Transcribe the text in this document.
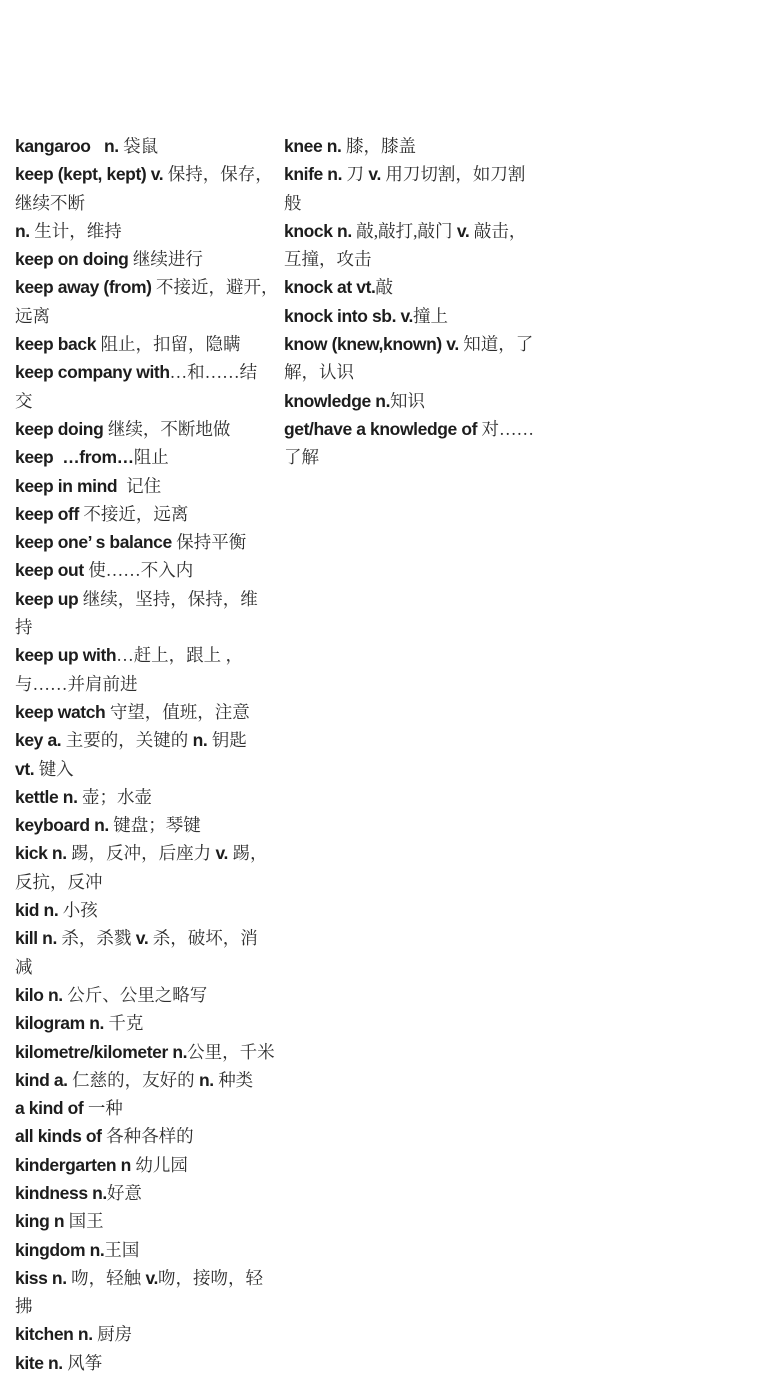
kangaroo   n. 袋鼠
keep (kept, kept) v. 保持，保存，
继续不断
n. 生计，维持
keep on doing 继续进行
keep away (from) 不接近，避开，
远离
keep back 阻止，扣留，隐瞒
keep company with…和……结
交
keep doing 继续，不断地做
keep  …from…阻止
keep in mind  记住
keep off 不接近，远离
keep one’ s balance 保持平衡
keep out 使……不入内
keep up 继续，坚持，保持，维
持
keep up with…赶上，跟上 ，
与……并肩前进
keep watch 守望，值班，注意
key a. 主要的，关键的 n. 钥匙
vt. 键入
kettle n. 壶；水壶
keyboard n. 键盘；琴键
kick n. 踢，反冲，后座力 v. 踢，
反抗，反冲
kid n. 小孩
kill n. 杀，杀戮 v. 杀，破坏，消
减
kilo n. 公斤、公里之略写
kilogram n. 千克
kilometre/kilometer n.公里，千米
kind a. 仁慈的，友好的 n. 种类
a kind of 一种
all kinds of 各种各样的
kindergarten n 幼儿园
kindness n.好意
king n 国王
kingdom n.王国
kiss n. 吻，轻触 v.吻，接吻，轻
拂
kitchen n. 厨房
kite n. 风筝
knee n. 膝，膝盖
knife n. 刀 v. 用刀切割，如刀割
般
knock n. 敲,敲打,敲门 v. 敲击，
互撞，攻击
knock at vt.敲
knock into sb. v.撞上
know (knew,known) v. 知道，了
解，认识
knowledge n.知识
get/have a knowledge of 对……
了解
